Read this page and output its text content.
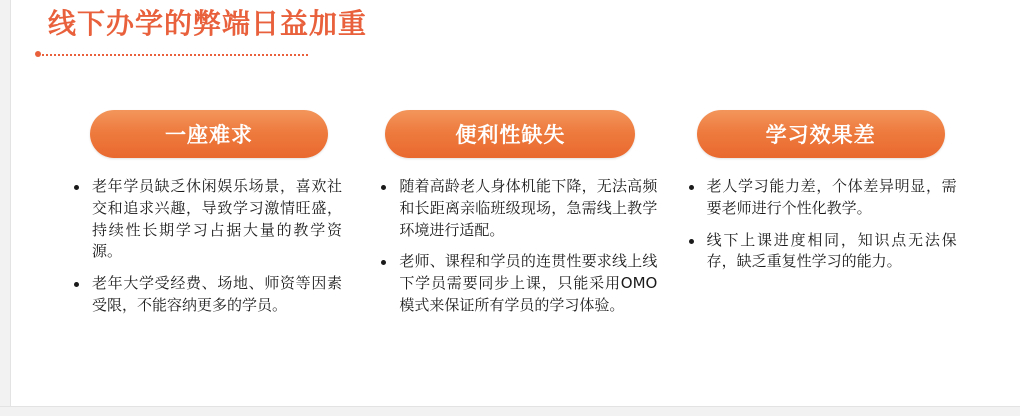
线下办学的弊端日益加重
一座难求
老年学员缺乏休闲娱乐场景，喜欢社交和追求兴趣，导致学习激情旺盛，持续性长期学习占据大量的教学资源。
老年大学受经费、场地、师资等因素受限，不能容纳更多的学员。
便利性缺失
随着高龄老人身体机能下降，无法高频和长距离亲临班级现场，急需线上教学环境进行适配。
老师、课程和学员的连贯性要求线上线下学员需要同步上课，只能采用OMO模式来保证所有学员的学习体验。
学习效果差
老人学习能力差，个体差异明显，需要老师进行个性化教学。
线下上课进度相同，知识点无法保存，缺乏重复性学习的能力。
